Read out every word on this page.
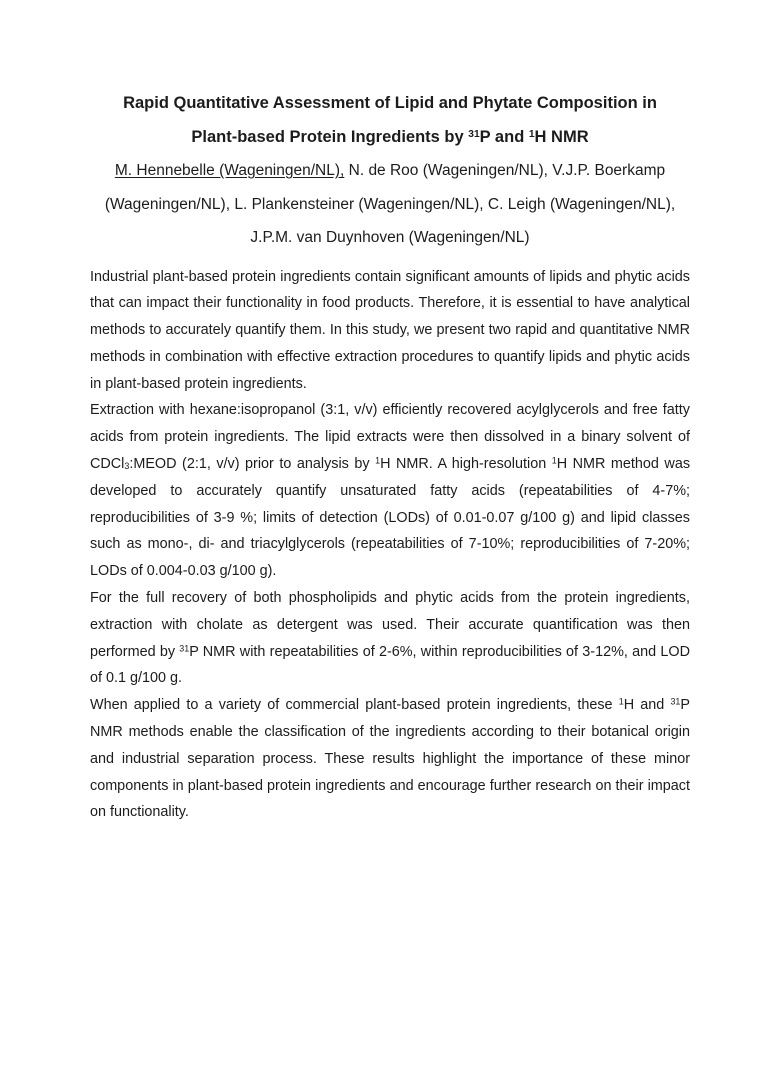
Rapid Quantitative Assessment of Lipid and Phytate Composition in
Plant-based Protein Ingredients by $^{31}$P and $^1$H NMR
M. Hennebelle (Wageningen/NL), N. de Roo (Wageningen/NL), V.J.P. Boerkamp
(Wageningen/NL), L. Plankensteiner (Wageningen/NL), C. Leigh (Wageningen/NL),
J.P.M. van Duynhoven (Wageningen/NL)

Industrial plant-based protein ingredients contain significant amounts of lipids and phytic acids that can impact their functionality in food products. Therefore, it is essential to have analytical methods to accurately quantify them. In this study, we present two rapid and quantitative NMR methods in combination with effective extraction procedures to quantify lipids and phytic acids in plant-based protein ingredients.

Extraction with hexane:isopropanol (3:1, v/v) efficiently recovered acylglycerols and free fatty acids from protein ingredients. The lipid extracts were then dissolved in a binary solvent of CDCl$_3$:MEOD (2:1, v/v) prior to analysis by $^1$H NMR. A high-resolution $^1$H NMR method was developed to accurately quantify unsaturated fatty acids (repeatabilities of 4-7%; reproducibilities of 3-9 %; limits of detection (LODs) of 0.01-0.07 g/100 g) and lipid classes such as mono-, di- and triacylglycerols (repeatabilities of 7-10%; reproducibilities of 7-20%; LODs of 0.004-0.03 g/100 g).

For the full recovery of both phospholipids and phytic acids from the protein ingredients, extraction with cholate as detergent was used. Their accurate quantification was then performed by $^{31}$P NMR with repeatabilities of 2-6%, within reproducibilities of 3-12%, and LOD of 0.1 g/100 g.

When applied to a variety of commercial plant-based protein ingredients, these $^1$H and $^{31}$P NMR methods enable the classification of the ingredients according to their botanical origin and industrial separation process. These results highlight the importance of these minor components in plant-based protein ingredients and encourage further research on their impact on functionality.
